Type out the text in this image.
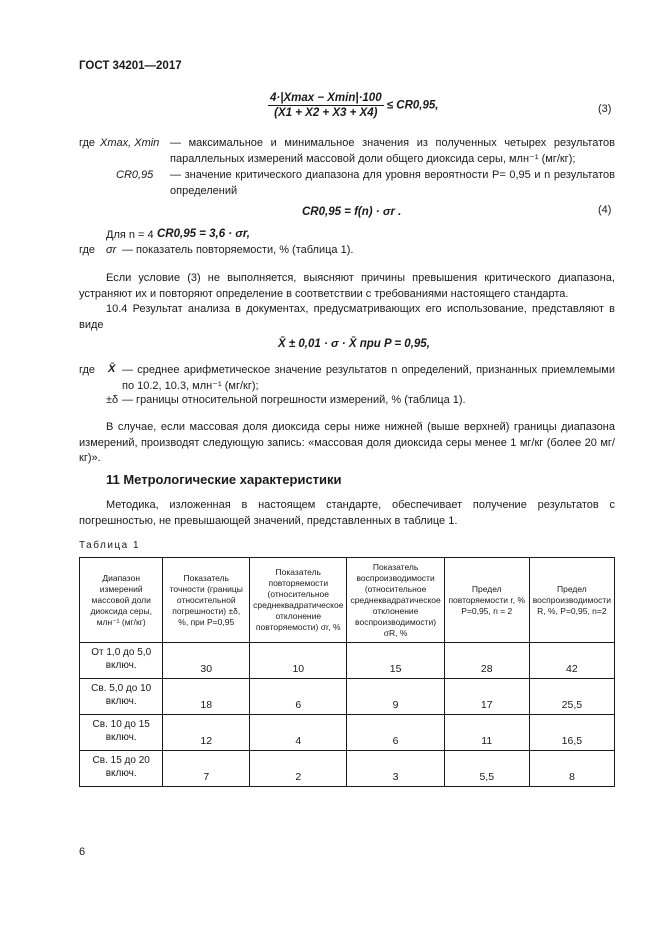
ГОСТ 34201—2017
$\frac{4\cdot|Xmax - Xmin|\cdot 100}{(X1 + X2 + X3 + X4)} \le CR0,95$,	(3)
где Xmax, Xmin — максимальное и минимальное значения из полученных четырех результатов параллельных измерений массовой доли общего диоксида серы, млн⁻¹ (мг/кг);
CR0,95 — значение критического диапазона для уровня вероятности P= 0,95 и n результатов определений
CR0,95 = f(n) · σr .	(4)
Для n = 4 CR0,95 = 3,6 · σr,
где σr — показатель повторяемости, % (таблица 1).
Если условие (3) не выполняется, выясняют причины превышения критического диапазона, устраняют их и повторяют определение в соответствии с требованиями настоящего стандарта.
10.4 Результат анализа в документах, предусматривающих его использование, представляют в виде
X̄ ± 0,01 · σ · X̄ при P = 0,95,
где X̄ — среднее арифметическое значение результатов n определений, признанных приемлемыми по 10.2, 10.3, млн⁻¹ (мг/кг);
±δ — границы относительной погрешности измерений, % (таблица 1).
В случае, если массовая доля диоксида серы ниже нижней (выше верхней) границы диапазона измерений, производят следующую запись: «массовая доля диоксида серы менее 1 мг/кг (более 20 мг/кг)».
11 Метрологические характеристики
Методика, изложенная в настоящем стандарте, обеспечивает получение результатов с погрешностью, не превышающей значений, представленных в таблице 1.
Таблица 1
Диапазон измерений массовой доли диоксида серы, млн⁻¹ (мг/кг)	Показатель точности (границы относительной погрешности) ±δ, %, при P=0,95	Показатель повторяемости (относительное среднеквадратическое отклонение повторяемости) σr, %	Показатель воспроизводимости (относительное среднеквадратическое отклонение воспроизводимости) σR, %	Предел повторяемости r, % P=0,95, n = 2	Предел воспроизводимости R, %, P=0,95, n=2
От 1,0 до 5,0 включ.	30	10	15	28	42
Св. 5,0 до 10 включ.	18	6	9	17	25,5
Св. 10 до 15 включ.	12	4	6	11	16,5
Св. 15 до 20 включ.	7	2	3	5,5	8
6
